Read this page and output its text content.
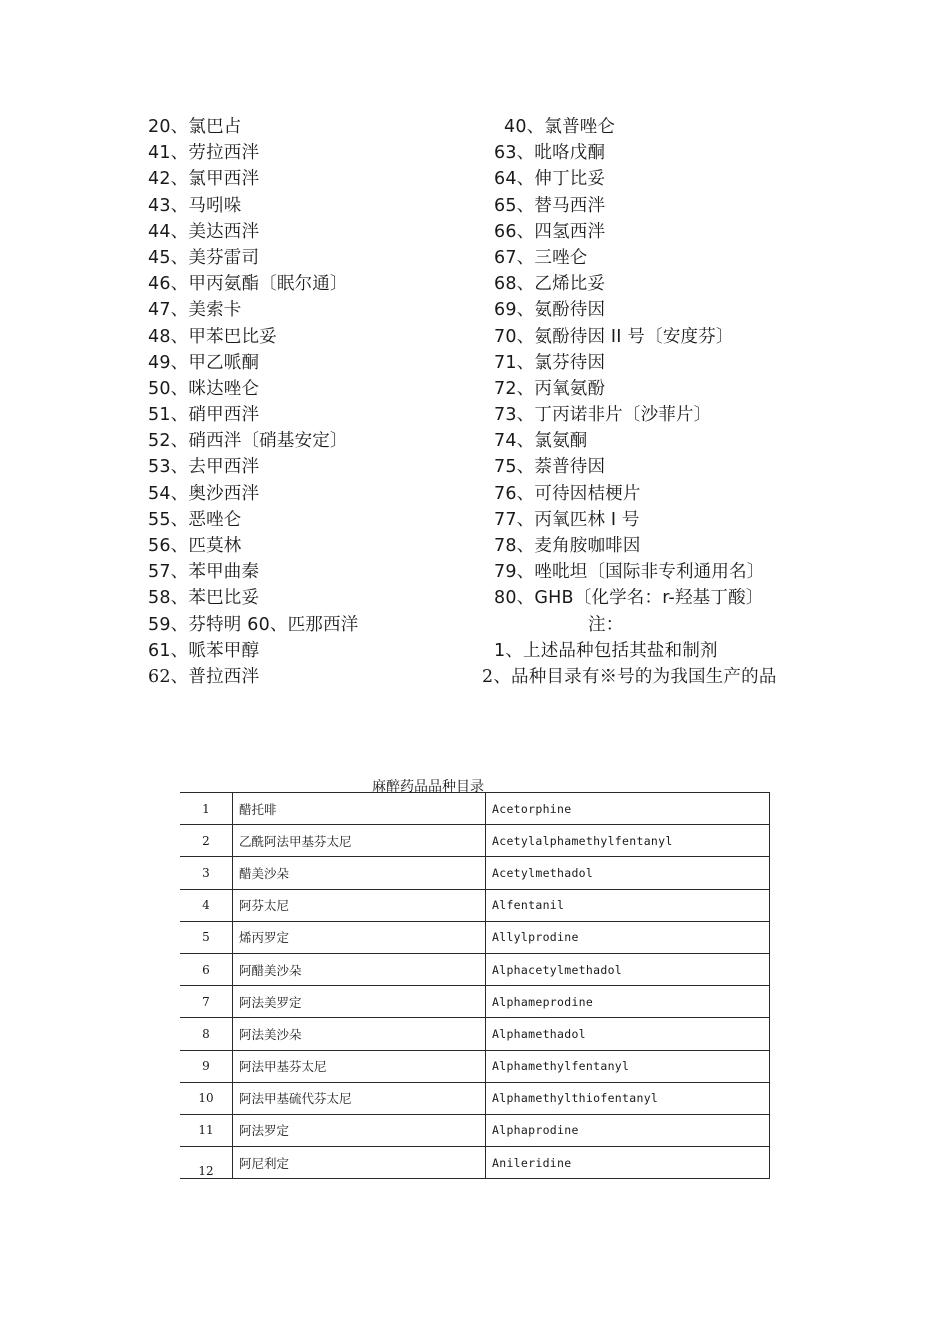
20、氯巴占
41、劳拉西泮
42、氯甲西泮
43、马吲哚
44、美达西泮
45、美芬雷司
46、甲丙氨酯〔眠尔通〕
47、美索卡
48、甲苯巴比妥
49、甲乙哌酮
50、咪达唑仑
51、硝甲西泮
52、硝西泮〔硝基安定〕
53、去甲西泮
54、奥沙西泮
55、恶唑仑
56、匹莫林
57、苯甲曲秦
58、苯巴比妥
59、芬特明 60、匹那西洋
61、哌苯甲醇
62、普拉西泮
40、氯普唑仑
63、吡咯戊酮
64、伸丁比妥
65、替马西泮
66、四氢西泮
67、三唑仑
68、乙烯比妥
69、氨酚待因
70、氨酚待因 II 号〔安度芬〕
71、氯芬待因
72、丙氧氨酚
73、丁丙诺非片〔沙菲片〕
74、氯氨酮
75、萘普待因
76、可待因桔梗片
77、丙氧匹林 I 号
78、麦角胺咖啡因
79、唑吡坦〔国际非专利通用名〕
80、GHB〔化学名：r-羟基丁酸〕
注：
1、上述品种包括其盐和制剂
2、品种目录有※号的为我国生产的品
麻醉药品品种目录
1	醋托啡	Acetorphine
2	乙酰阿法甲基芬太尼	Acetylalphamethylfentanyl
3	醋美沙朵	Acetylmethadol
4	阿芬太尼	Alfentanil
5	烯丙罗定	Allylprodine
6	阿醋美沙朵	Alphacetylmethadol
7	阿法美罗定	Alphameprodine
8	阿法美沙朵	Alphamethadol
9	阿法甲基芬太尼	Alphamethylfentanyl
10	阿法甲基硫代芬太尼	Alphamethylthiofentanyl
11	阿法罗定	Alphaprodine
12	阿尼利定	Anileridine
